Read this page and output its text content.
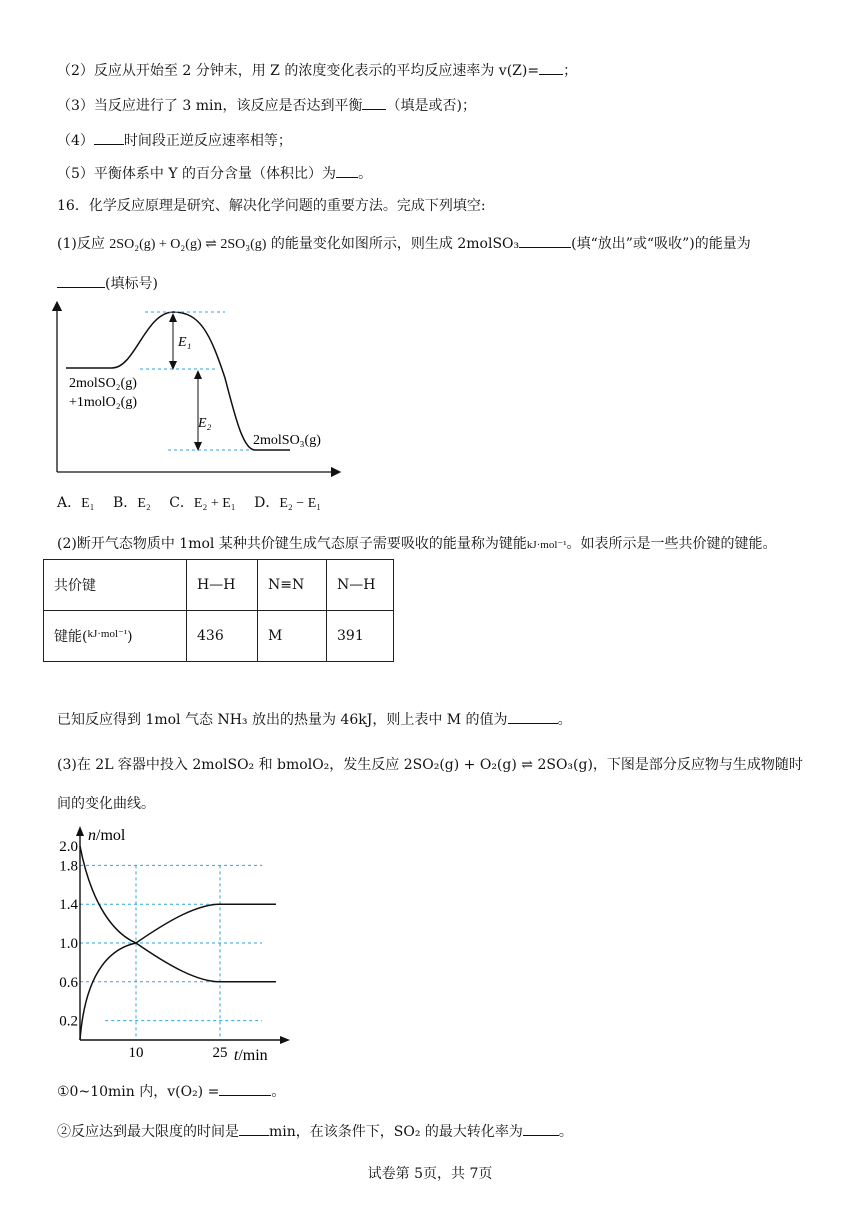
（2）反应从开始至 2 分钟末，用 Z 的浓度变化表示的平均反应速率为 v(Z)= ；
（3）当反应进行了 3 min，该反应是否达到平衡 （填是或否)；
（4） 时间段正逆反应速率相等；
（5）平衡体系中 Y 的百分含量（体积比）为 。
16．化学反应原理是研究、解决化学问题的重要方法。完成下列填空:
(1)反应 2SO₂(g) + O₂(g) ⇌ 2SO₃(g) 的能量变化如图所示，则生成 2molSO₃	(填“放出”或“吸收”)的能量为
(填标号)
E₁
E₂
2molSO₂(g)
+1molO₂(g)
2molSO₃(g)
A．E₁ B．E₂ C．E₂ + E₁ D．E₂ − E₁
(2)断开气态物质中 1mol 某种共价键生成气态原子需要吸收的能量称为键能kJ·mol⁻¹。如表所示是一些共价键的键能。
共价键	H—H	N≡N	N—H
键能($^{kJ\cdot mol^{-1}}$)	436	M	391
已知反应得到 1mol 气态 NH₃ 放出的热量为 46kJ，则上表中 M 的值为	。
(3)在 2L 容器中投入 2molSO₂ 和 bmolO₂，发生反应 2SO₂(g) + O₂(g) ⇌ 2SO₃(g)，下图是部分反应物与生成物随时
间的变化曲线。
2.0
1.8
1.4
1.0
0.6
0.2
10	25
n/mol
t/min
①0~10min 内，v(O₂) =	。
②反应达到最大限度的时间是 min，在该条件下，SO₂ 的最大转化率为	。
试卷第 5页，共 7页
